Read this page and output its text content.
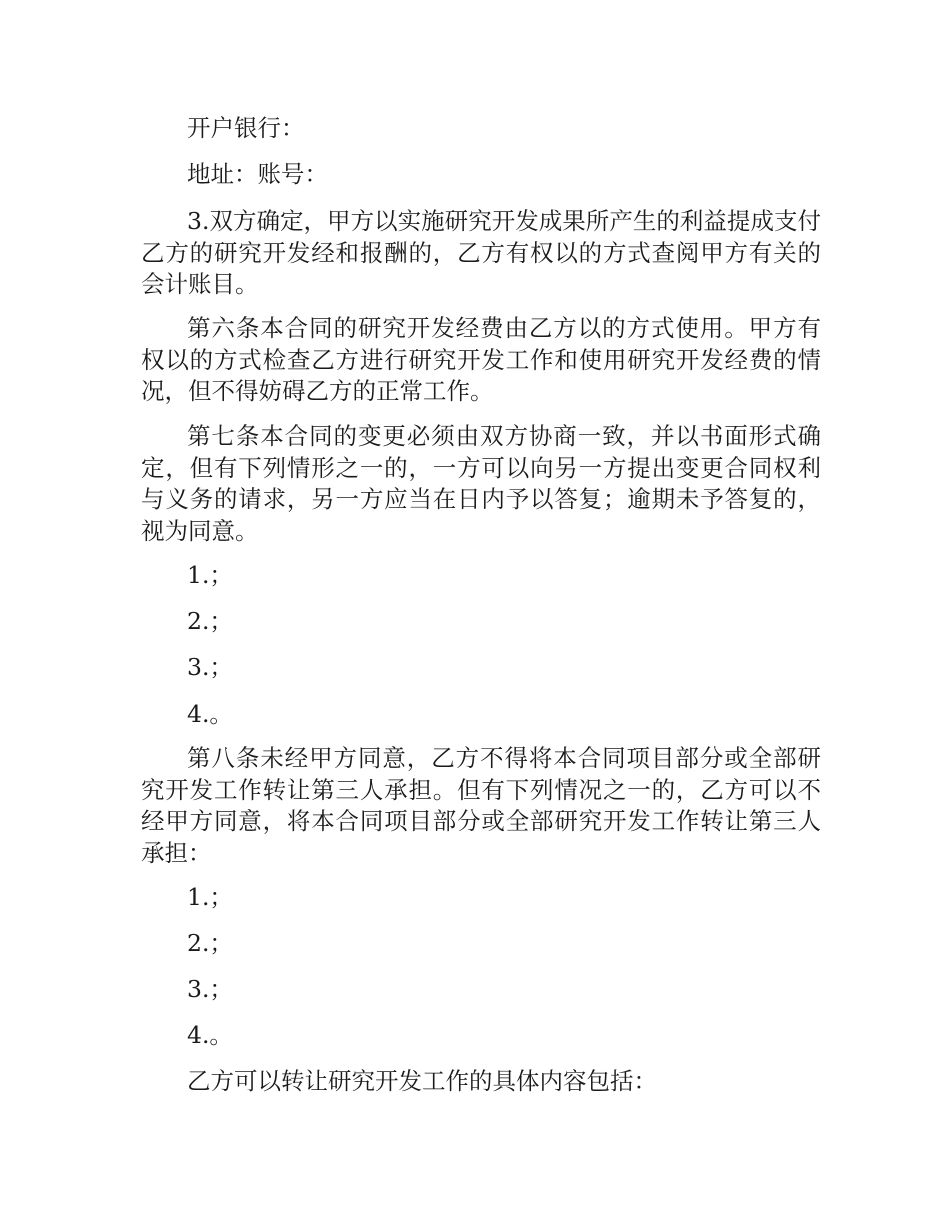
开户银行：

地址：账号：

3.双方确定，甲方以实施研究开发成果所产生的利益提成支付乙方的研究开发经和报酬的，乙方有权以的方式查阅甲方有关的会计账目。

第六条本合同的研究开发经费由乙方以的方式使用。甲方有权以的方式检查乙方进行研究开发工作和使用研究开发经费的情况，但不得妨碍乙方的正常工作。

第七条本合同的变更必须由双方协商一致，并以书面形式确定，但有下列情形之一的，一方可以向另一方提出变更合同权利与义务的请求，另一方应当在日内予以答复；逾期未予答复的，视为同意。

1.；

2.；

3.；

4.。

第八条未经甲方同意，乙方不得将本合同项目部分或全部研究开发工作转让第三人承担。但有下列情况之一的，乙方可以不经甲方同意，将本合同项目部分或全部研究开发工作转让第三人承担：

1.；

2.；

3.；

4.。

乙方可以转让研究开发工作的具体内容包括：
